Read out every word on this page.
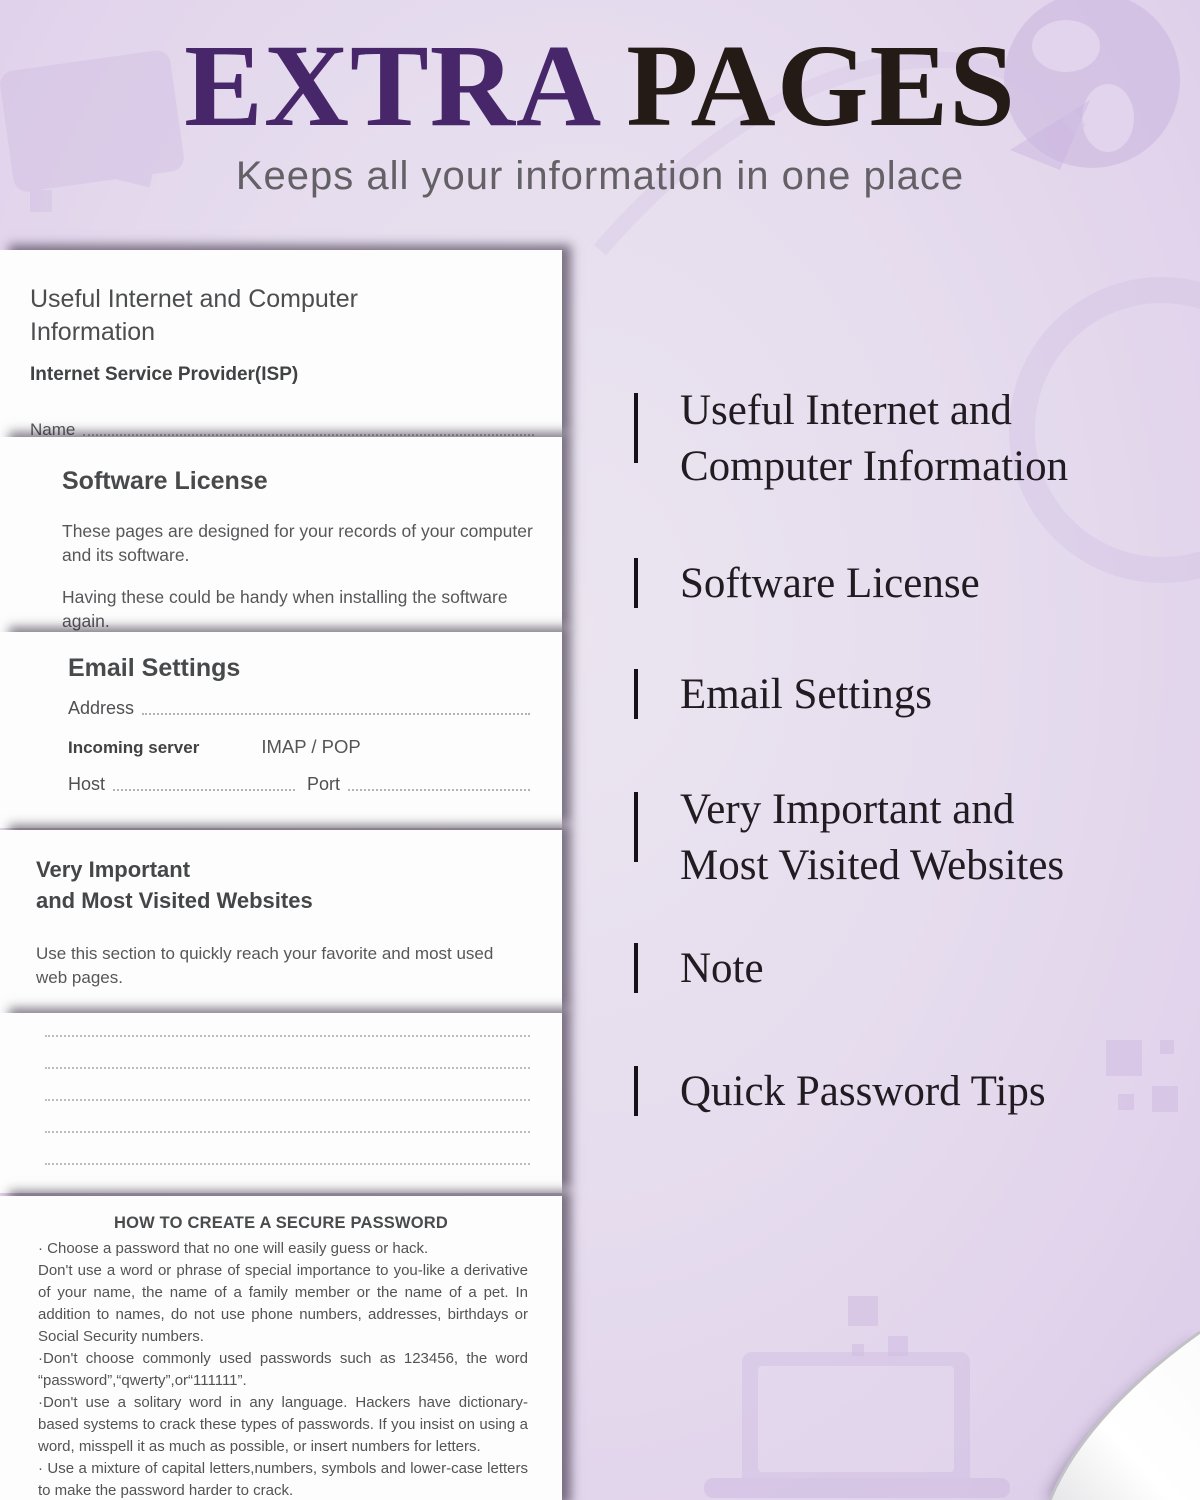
EXTRA PAGES
Keeps all your information in one place
Useful Internet and Computer Information
Internet Service Provider(ISP)
Name
Software License
These pages are designed for your records of your computer and its software.
Having these could be handy when installing the software again.
Email Settings
Address
Incoming server	IMAP / POP
Host	Port
Very Important
and Most Visited Websites
Use this section to quickly reach your favorite and most used web pages.
HOW TO CREATE A SECURE PASSWORD

· Choose a password that no one will easily guess or hack.

Don't use a word or phrase of special importance to you-like a derivative of your name, the name of a family member or the name of a pet. In addition to names, do not use phone numbers, addresses, birthdays or Social Security numbers.

·Don't choose commonly used passwords such as 123456, the word “password”,“qwerty”,or“111111”.

·Don't use a solitary word in any language. Hackers have dictionary-based systems to crack these types of passwords. If you insist on using a word, misspell it as much as possible, or insert numbers for letters.

· Use a mixture of capital letters,numbers, symbols and lower-case letters to make the password harder to crack.

Useful Internet and
Computer Information
Software License
Email Settings
Very Important and
Most Visited Websites
Note
Quick Password Tips
